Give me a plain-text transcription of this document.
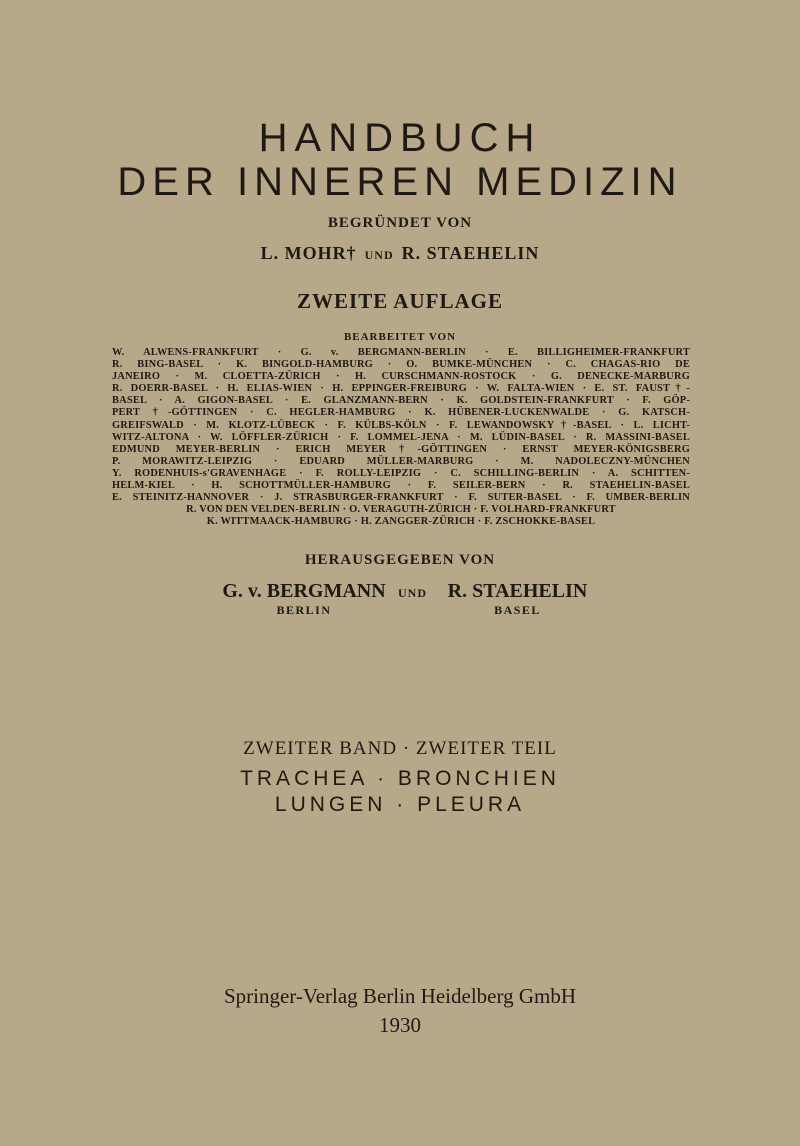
HANDBUCH
DER INNEREN MEDIZIN
BEGRÜNDET VON
L. MOHR† UND R. STAEHELIN
ZWEITE AUFLAGE
BEARBEITET VON
W. ALWENS-FRANKFURT · G. v. BERGMANN-BERLIN · E. BILLIGHEIMER-FRANKFURT
R. BING-BASEL · K. BINGOLD-HAMBURG · O. BUMKE-MÜNCHEN · C. CHAGAS-RIO DE
JANEIRO · M. CLOETTA-ZÜRICH · H. CURSCHMANN-ROSTOCK · G. DENECKE-MARBURG
R. DOERR-BASEL · H. ELIAS-WIEN · H. EPPINGER-FREIBURG · W. FALTA-WIEN · E. ST. FAUST†-
BASEL · A. GIGON-BASEL · E. GLANZMANN-BERN · K. GOLDSTEIN-FRANKFURT · F. GÖP-
PERT †-GÖTTINGEN · C. HEGLER-HAMBURG · K. HÜBENER-LUCKENWALDE · G. KATSCH-
GREIFSWALD · M. KLOTZ-LÜBECK · F. KÜLBS-KÖLN · F. LEWANDOWSKY†-BASEL · L. LICHT-
WITZ-ALTONA · W. LÖFFLER-ZÜRICH · F. LOMMEL-JENA · M. LÜDIN-BASEL · R. MASSINI-BASEL
EDMUND MEYER-BERLIN · ERICH MEYER†-GÖTTINGEN · ERNST MEYER-KÖNIGSBERG
P. MORAWITZ-LEIPZIG · EDUARD MÜLLER-MARBURG · M. NADOLECZNY-MÜNCHEN
Y. RODENHUIS-s'GRAVENHAGE · F. ROLLY-LEIPZIG · C. SCHILLING-BERLIN · A. SCHITTEN-
HELM-KIEL · H. SCHOTTMÜLLER-HAMBURG · F. SEILER-BERN · R. STAEHELIN-BASEL
E. STEINITZ-HANNOVER · J. STRASBURGER-FRANKFURT · F. SUTER-BASEL · F. UMBER-BERLIN
R. VON DEN VELDEN-BERLIN · O. VERAGUTH-ZÜRICH · F. VOLHARD-FRANKFURT
K. WITTMAACK-HAMBURG · H. ZANGGER-ZÜRICH · F. ZSCHOKKE-BASEL
HERAUSGEGEBEN VON
G. v. BERGMANN
BERLIN
UND	R. STAEHELIN
BASEL
ZWEITER BAND · ZWEITER TEIL
TRACHEA · BRONCHIEN
LUNGEN · PLEURA
Springer-Verlag Berlin Heidelberg GmbH
1930
